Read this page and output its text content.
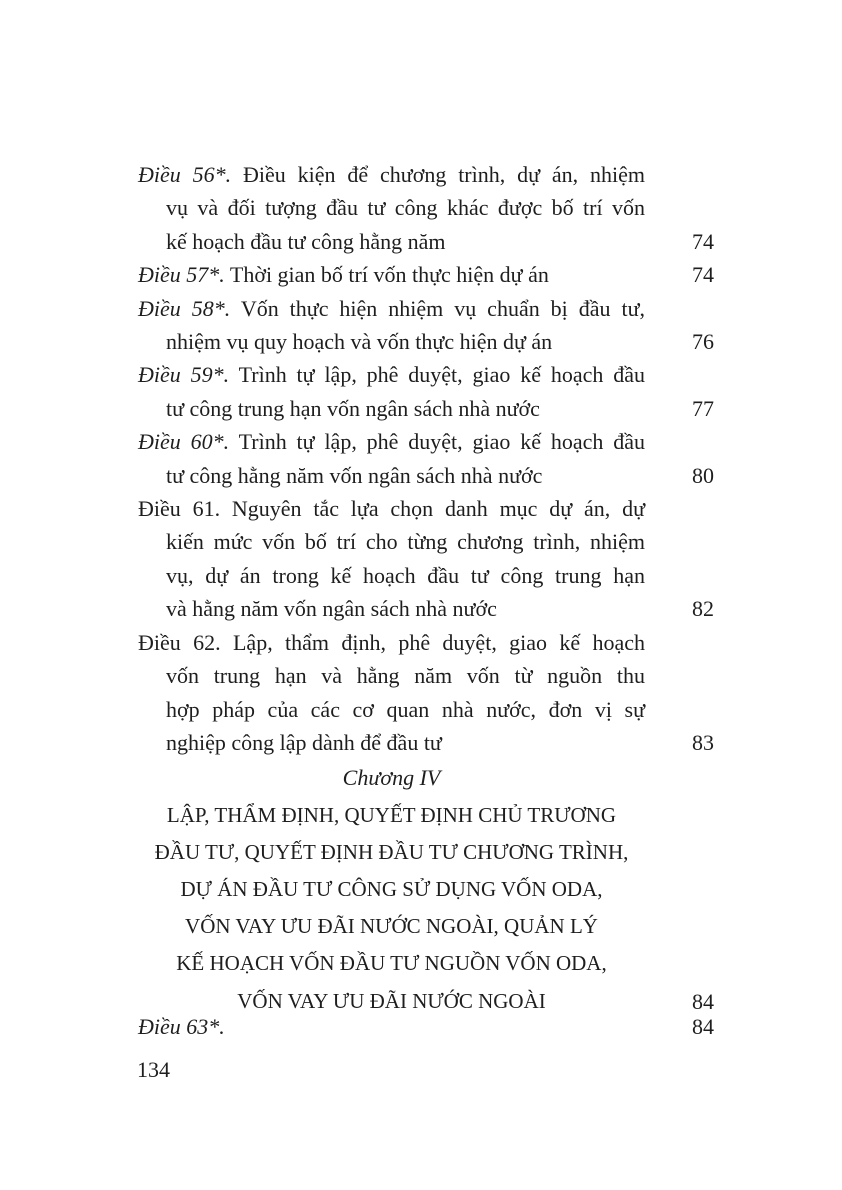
Điều 56*. Điều kiện để chương trình, dự án, nhiệm
vụ và đối tượng đầu tư công khác được bố trí vốn
kế hoạch đầu tư công hằng năm	74
Điều 57*. Thời gian bố trí vốn thực hiện dự án	74
Điều 58*. Vốn thực hiện nhiệm vụ chuẩn bị đầu tư,
nhiệm vụ quy hoạch và vốn thực hiện dự án	76
Điều 59*. Trình tự lập, phê duyệt, giao kế hoạch đầu
tư công trung hạn vốn ngân sách nhà nước	77
Điều 60*. Trình tự lập, phê duyệt, giao kế hoạch đầu
tư công hằng năm vốn ngân sách nhà nước	80
Điều 61. Nguyên tắc lựa chọn danh mục dự án, dự
kiến mức vốn bố trí cho từng chương trình, nhiệm
vụ, dự án trong kế hoạch đầu tư công trung hạn
và hằng năm vốn ngân sách nhà nước	82
Điều 62. Lập, thẩm định, phê duyệt, giao kế hoạch
vốn trung hạn và hằng năm vốn từ nguồn thu
hợp pháp của các cơ quan nhà nước, đơn vị sự
nghiệp công lập dành để đầu tư	83
Chương IV
LẬP, THẨM ĐỊNH, QUYẾT ĐỊNH CHỦ TRƯƠNG
ĐẦU TƯ, QUYẾT ĐỊNH ĐẦU TƯ CHƯƠNG TRÌNH,
DỰ ÁN ĐẦU TƯ CÔNG SỬ DỤNG VỐN ODA,
VỐN VAY ƯU ĐÃI NƯỚC NGOÀI, QUẢN LÝ
KẾ HOẠCH VỐN ĐẦU TƯ NGUỒN VỐN ODA,
VỐN VAY ƯU ĐÃI NƯỚC NGOÀI	84
Điều 63*.	84
134
